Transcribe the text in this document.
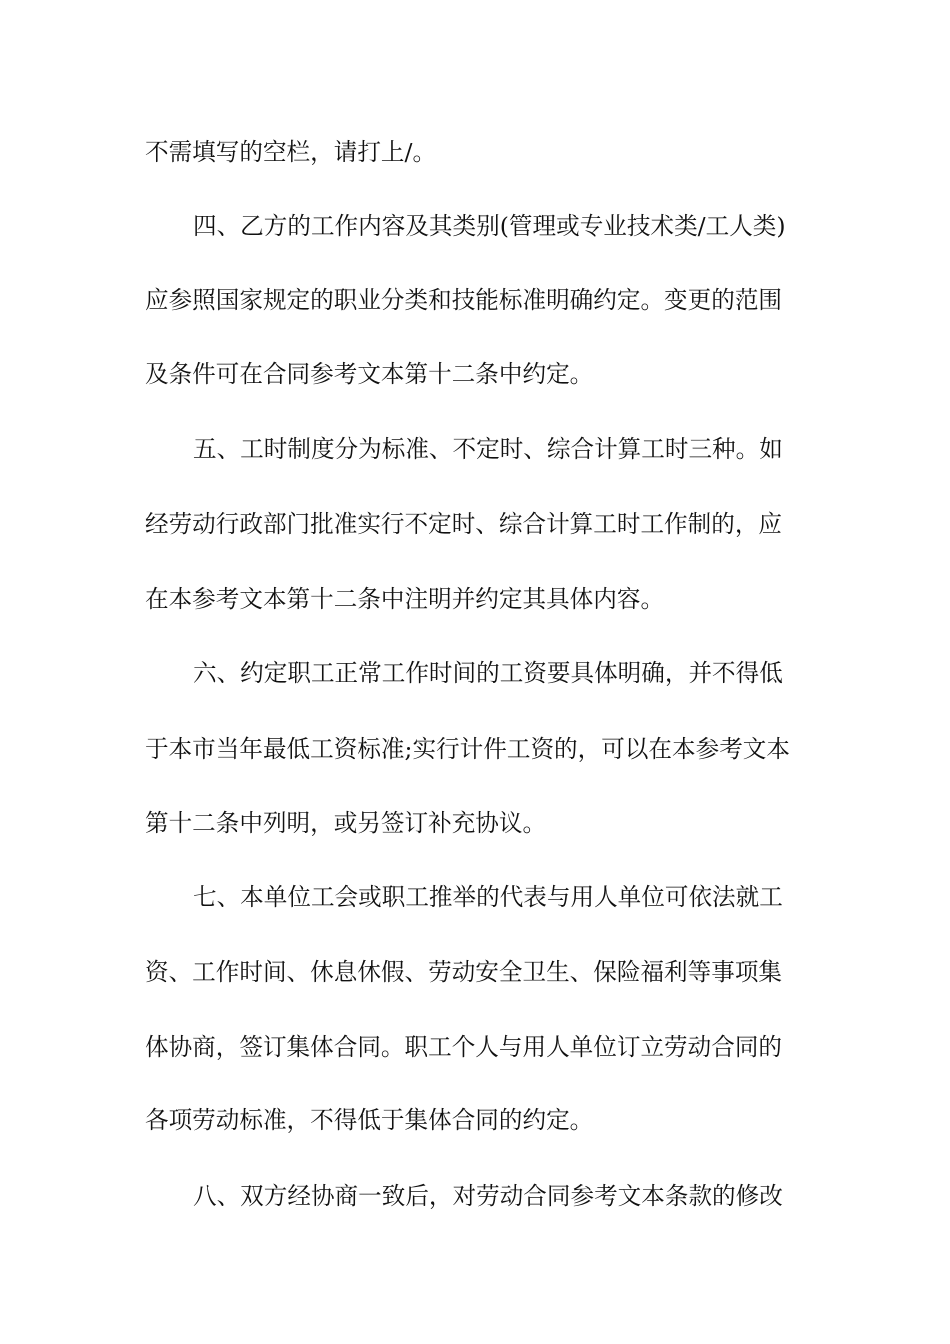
不需填写的空栏，请打上/。
四、乙方的工作内容及其类别(管理或专业技术类/工人类)
应参照国家规定的职业分类和技能标准明确约定。变更的范围
及条件可在合同参考文本第十二条中约定。
五、工时制度分为标准、不定时、综合计算工时三种。如
经劳动行政部门批准实行不定时、综合计算工时工作制的，应
在本参考文本第十二条中注明并约定其具体内容。
六、约定职工正常工作时间的工资要具体明确，并不得低
于本市当年最低工资标准;实行计件工资的，可以在本参考文本
第十二条中列明，或另签订补充协议。
七、本单位工会或职工推举的代表与用人单位可依法就工
资、工作时间、休息休假、劳动安全卫生、保险福利等事项集
体协商，签订集体合同。职工个人与用人单位订立劳动合同的
各项劳动标准，不得低于集体合同的约定。
八、双方经协商一致后，对劳动合同参考文本条款的修改
